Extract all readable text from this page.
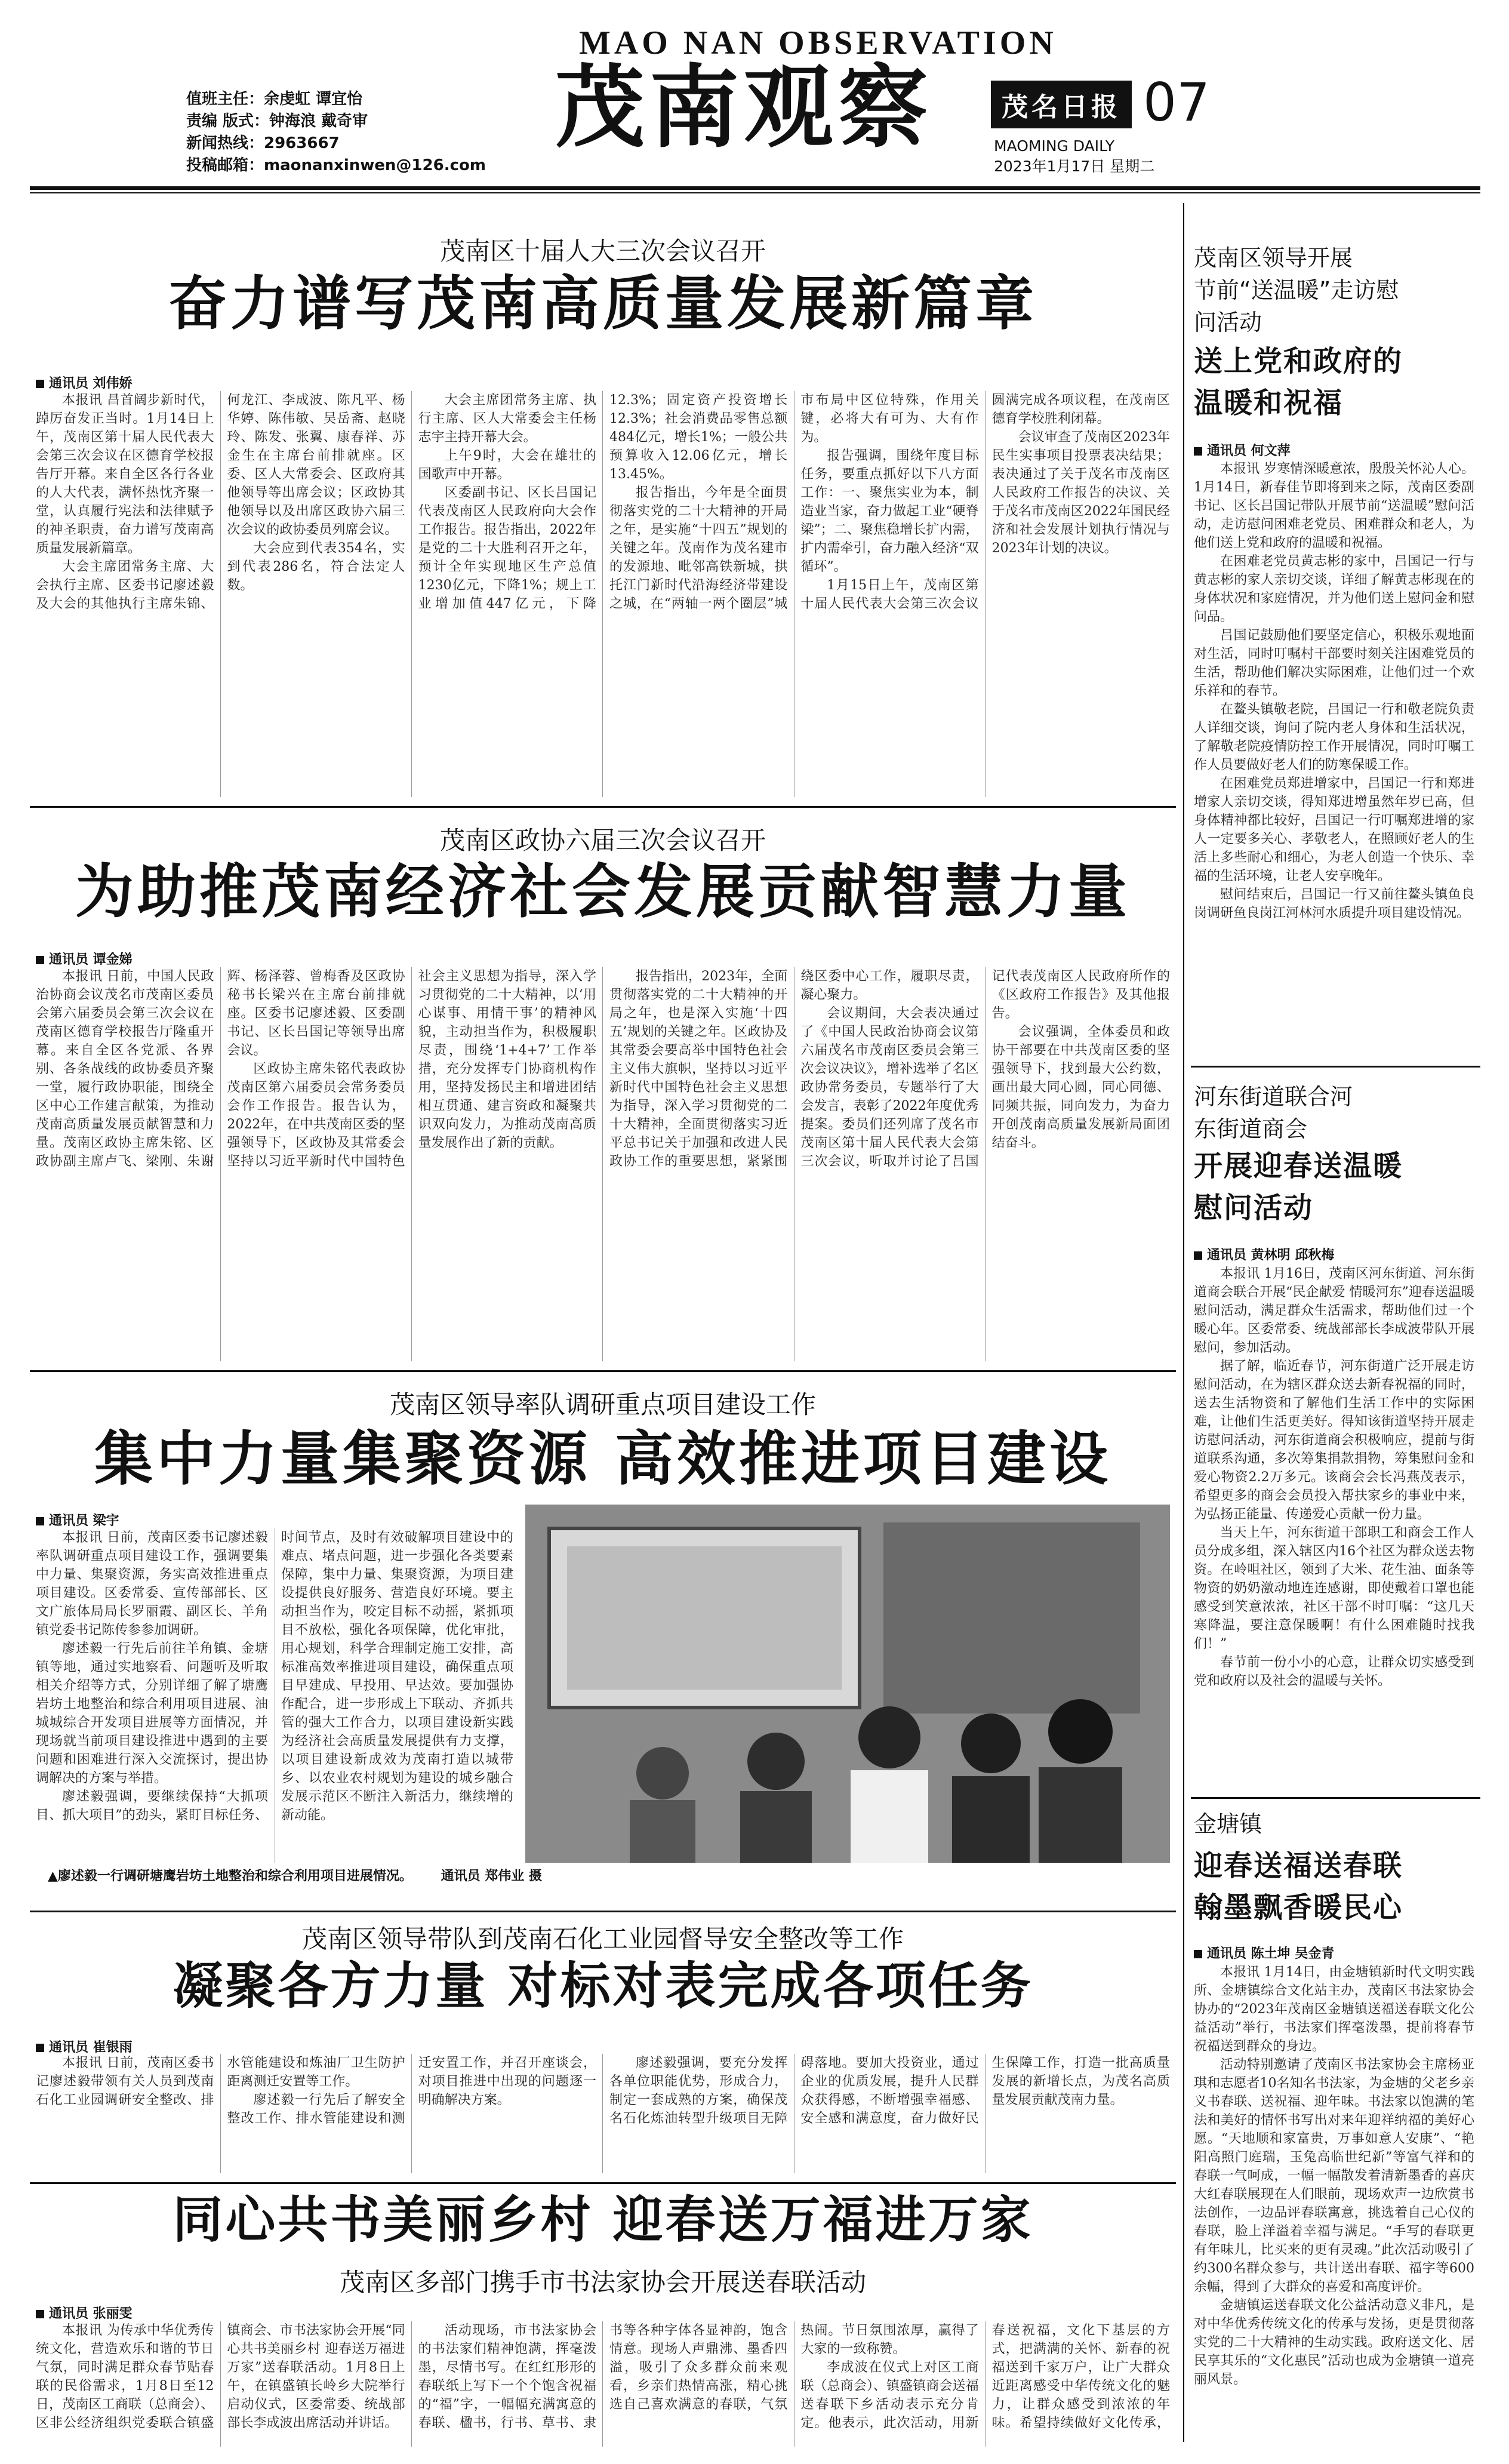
MAO NAN OBSERVATION
茂南观察
值班主任：余虔虹 谭宜怡
责编 版式：钟海浪 戴奇审
新闻热线：2963667
投稿邮箱：maonanxinwen@126.com
茂名日报 07
MAOMING DAILY
2023年1月17日 星期二
茂南区十届人大三次会议召开
奋力谱写茂南高质量发展新篇章
通讯员 刘伟娇

本报讯 昌首阔步新时代，踔厉奋发正当时。1月14日上午，茂南区第十届人民代表大会第三次会议在区德育学校报告厅开幕。来自全区各行各业的人大代表，满怀热忱齐聚一堂，认真履行宪法和法律赋予的神圣职责，奋力谱写茂南高质量发展新篇章。

大会主席团常务主席、大会执行主席、区委书记廖述毅及大会的其他执行主席朱锦、何龙江、李成波、陈凡平、杨华婷、陈伟敏、吴岳斋、赵晓玲、陈发、张翼、康春祥、苏金生在主席台前排就座。区委、区人大常委会、区政府其他领导等出席会议；区政协其他领导以及出席区政协六届三次会议的政协委员列席会议。

大会应到代表354名，实到代表286名，符合法定人数。

大会主席团常务主席、执行主席、区人大常委会主任杨志宇主持开幕大会。

上午9时，大会在雄壮的国歌声中开幕。

区委副书记、区长吕国记代表茂南区人民政府向大会作工作报告。报告指出，2022年是党的二十大胜利召开之年，预计全年实现地区生产总值1230亿元，下降1%；规上工业增加值447亿元，下降12.3%；固定资产投资增长12.3%；社会消费品零售总额484亿元，增长1%；一般公共预算收入12.06亿元，增长13.45%。

报告指出，今年是全面贯彻落实党的二十大精神的开局之年，是实施“十四五”规划的关键之年。茂南作为茂名建市的发源地、毗邻高铁新城，拱托江门新时代沿海经济带建设之城，在“两轴一两个圈层”城市布局中区位特殊，作用关键，必将大有可为、大有作为。

报告强调，围绕年度目标任务，要重点抓好以下八方面工作：一、聚焦实业为本，制造业当家，奋力做起工业“硬脊梁”；二、聚焦稳增长扩内需，扩内需牵引，奋力融入经济“双循环”。

1月15日上午，茂南区第十届人民代表大会第三次会议圆满完成各项议程，在茂南区德育学校胜利闭幕。

会议审查了茂南区2023年民生实事项目投票表决结果；表决通过了关于茂名市茂南区人民政府工作报告的决议、关于茂名市茂南区2022年国民经济和社会发展计划执行情况与2023年计划的决议。

茂南区政协六届三次会议召开
为助推茂南经济社会发展贡献智慧力量
通讯员 谭金娣

本报讯 日前，中国人民政治协商会议茂名市茂南区委员会第六届委员会第三次会议在茂南区德育学校报告厅隆重开幕。来自全区各党派、各界别、各条战线的政协委员齐聚一堂，履行政协职能，围绕全区中心工作建言献策，为推动茂南高质量发展贡献智慧和力量。茂南区政协主席朱铭、区政协副主席卢飞、梁刚、朱谢辉、杨泽蓉、曾梅香及区政协秘书长梁兴在主席台前排就座。区委书记廖述毅、区委副书记、区长吕国记等领导出席会议。

区政协主席朱铭代表政协茂南区第六届委员会常务委员会作工作报告。报告认为，2022年，在中共茂南区委的坚强领导下，区政协及其常委会坚持以习近平新时代中国特色社会主义思想为指导，深入学习贯彻党的二十大精神，以‘用心谋事、用情干事’的精神风貌，主动担当作为，积极履职尽责，围绕‘1+4+7’工作举措，充分发挥专门协商机构作用，坚持发扬民主和增进团结相互贯通、建言资政和凝聚共识双向发力，为推动茂南高质量发展作出了新的贡献。

报告指出，2023年，全面贯彻落实党的二十大精神的开局之年，也是深入实施‘十四五’规划的关键之年。区政协及其常委会要高举中国特色社会主义伟大旗帜，坚持以习近平新时代中国特色社会主义思想为指导，深入学习贯彻党的二十大精神，全面贯彻落实习近平总书记关于加强和改进人民政协工作的重要思想，紧紧围绕区委中心工作，履职尽责，凝心聚力。

会议期间，大会表决通过了《中国人民政治协商会议第六届茂名市茂南区委员会第三次会议决议》，增补选举了名区政协常务委员，专题举行了大会发言，表彰了2022年度优秀提案。委员们还列席了茂名市茂南区第十届人民代表大会第三次会议，听取并讨论了吕国记代表茂南区人民政府所作的《区政府工作报告》及其他报告。

会议强调，全体委员和政协干部要在中共茂南区委的坚强领导下，找到最大公约数，画出最大同心圆，同心同德、同频共振，同向发力，为奋力开创茂南高质量发展新局面团结奋斗。

茂南区领导率队调研重点项目建设工作
集中力量集聚资源 高效推进项目建设
通讯员 梁宇

本报讯 日前，茂南区委书记廖述毅率队调研重点项目建设工作，强调要集中力量、集聚资源，务实高效推进重点项目建设。区委常委、宣传部部长、区文广旅体局局长罗丽霞、副区长、羊角镇党委书记陈传参参加调研。

廖述毅一行先后前往羊角镇、金塘镇等地，通过实地察看、问题听及听取相关介绍等方式，分别详细了解了塘鹰岩坊土地整治和综合利用项目进展、油城城综合开发项目进展等方面情况，并现场就当前项目建设推进中遇到的主要问题和困难进行深入交流探讨，提出协调解决的方案与举措。

廖述毅强调，要继续保持“大抓项目、抓大项目”的劲头，紧盯目标任务、时间节点，及时有效破解项目建设中的难点、堵点问题，进一步强化各类要素保障，集中力量、集聚资源，为项目建设提供良好服务、营造良好环境。要主动担当作为，咬定目标不动摇，紧抓项目不放松，强化各项保障，优化审批，用心规划，科学合理制定施工安排，高标准高效率推进项目建设，确保重点项目早建成、早投用、早达效。要加强协作配合，进一步形成上下联动、齐抓共管的强大工作合力，以项目建设新实践为经济社会高质量发展提供有力支撑，以项目建设新成效为茂南打造以城带乡、以农业农村规划为建设的城乡融合发展示范区不断注入新活力，继续增的新动能。

▲廖述毅一行调研塘鹰岩坊土地整治和综合利用项目进展情况。 通讯员 郑伟业 摄
茂南区领导带队到茂南石化工业园督导安全整改等工作
凝聚各方力量 对标对表完成各项任务
通讯员 崔银雨

本报讯 日前，茂南区委书记廖述毅带领有关人员到茂南石化工业园调研安全整改、排水管能建设和炼油厂卫生防护距离测迁安置等工作。

廖述毅一行先后了解安全整改工作、排水管能建设和测迁安置工作，并召开座谈会，对项目推进中出现的问题逐一明确解决方案。

廖述毅强调，要充分发挥各单位职能优势，形成合力，制定一套成熟的方案，确保茂名石化炼油转型升级项目无障碍落地。要加大投资业，通过企业的优质发展，提升人民群众获得感，不断增强幸福感、安全感和满意度，奋力做好民生保障工作，打造一批高质量发展的新增长点，为茂名高质量发展贡献茂南力量。

同心共书美丽乡村 迎春送万福进万家
茂南区多部门携手市书法家协会开展送春联活动
通讯员 张丽雯

本报讯 为传承中华优秀传统文化，营造欢乐和谐的节日气氛，同时满足群众春节贴春联的民俗需求，1月8日至12日，茂南区工商联（总商会）、区非公经济组织党委联合镇盛镇商会、市书法家协会开展“同心共书美丽乡村 迎春送万福进万家”送春联活动。1月8日上午，在镇盛镇长岭乡大院举行启动仪式，区委常委、统战部部长李成波出席活动并讲话。

活动现场，市书法家协会的书法家们精神饱满，挥毫泼墨，尽情书写。在红红形形的春联纸上写下一个个饱含祝福的“福”字，一幅幅充满寓意的春联、楹书，行书、草书、隶书等各种字体各显神韵，饱含情意。现场人声鼎沸、墨香四溢，吸引了众多群众前来观看，乡亲们热情高涨，精心挑选自己喜欢满意的春联，气氛热闹。节日氛围浓厚，赢得了大家的一致称赞。

李成波在仪式上对区工商联（总商会）、镇盛镇商会送福送春联下乡活动表示充分肯定。他表示，此次活动，用新春送祝福，文化下基层的方式，把满满的关怀、新春的祝福送到千家万户，让广大群众近距离感受中华传统文化的魅力，让群众感受到浓浓的年味。希望持续做好文化传承，

茂南区领导开展
节前“送温暖”走访慰
问活动
送上党和政府的
温暖和祝福
通讯员 何文萍

本报讯 岁寒情深暖意浓，殷殷关怀沁人心。1月14日，新春佳节即将到来之际，茂南区委副书记、区长吕国记带队开展节前“送温暖”慰问活动，走访慰问困难老党员、困难群众和老人，为他们送上党和政府的温暖和祝福。

在困难老党员黄志彬的家中，吕国记一行与黄志彬的家人亲切交谈，详细了解黄志彬现在的身体状况和家庭情况，并为他们送上慰问金和慰问品。

吕国记鼓励他们要坚定信心，积极乐观地面对生活，同时叮嘱村干部要时刻关注困难党员的生活，帮助他们解决实际困难，让他们过一个欢乐祥和的春节。

在鳌头镇敬老院，吕国记一行和敬老院负责人详细交谈，询问了院内老人身体和生活状况，了解敬老院疫情防控工作开展情况，同时叮嘱工作人员要做好老人们的防寒保暖工作。

在困难党员郑进增家中，吕国记一行和郑进增家人亲切交谈，得知郑进增虽然年岁已高，但身体精神都比较好，吕国记一行叮嘱郑进增的家人一定要多关心、孝敬老人，在照顾好老人的生活上多些耐心和细心，为老人创造一个快乐、幸福的生活环境，让老人安享晚年。

慰问结束后，吕国记一行又前往鳌头镇鱼良岗调研鱼良岗江河林河水质提升项目建设情况。

河东街道联合河
东街道商会
开展迎春送温暖
慰问活动
通讯员 黄林明 邱秋梅

本报讯 1月16日，茂南区河东街道、河东街道商会联合开展“民企献爱 情暖河东”迎春送温暖慰问活动，满足群众生活需求，帮助他们过一个暖心年。区委常委、统战部部长李成波带队开展慰问，参加活动。

据了解，临近春节，河东街道广泛开展走访慰问活动，在为辖区群众送去新春祝福的同时，送去生活物资和了解他们生活工作中的实际困难，让他们生活更美好。得知该街道坚持开展走访慰问活动，河东街道商会积极响应，提前与街道联系沟通，多次筹集捐款捐物，筹集慰问金和爱心物资2.2万多元。该商会会长冯燕茂表示，希望更多的商会会员投入帮扶家乡的事业中来，为弘扬正能量、传递爱心贡献一份力量。

当天上午，河东街道干部职工和商会工作人员分成多组，深入辖区内16个社区为群众送去物资。在岭咀社区，领到了大米、花生油、面条等物资的奶奶激动地连连感谢，即使戴着口罩也能感受到笑意浓浓，社区干部不时叮嘱：“这几天寒降温，要注意保暖啊！有什么困难随时找我们！”

春节前一份小小的心意，让群众切实感受到党和政府以及社会的温暖与关怀。

金塘镇
迎春送福送春联
翰墨飘香暖民心
通讯员 陈土坤 吴金青

本报讯 1月14日，由金塘镇新时代文明实践所、金塘镇综合文化站主办，茂南区书法家协会协办的“2023年茂南区金塘镇送福送春联文化公益活动”举行，书法家们挥毫泼墨，提前将春节祝福送到群众的身边。

活动特别邀请了茂南区书法家协会主席杨亚琪和志愿者10名知名书法家，为金塘的父老乡亲义书春联、送祝福、迎年味。书法家以饱满的笔法和美好的情怀书写出对来年迎祥纳福的美好心愿。“天地顺和家富贵，万事如意人安康”、“艳阳高照门庭瑞，玉兔高临世纪新”等富气祥和的春联一气呵成，一幅一幅散发着清新墨香的喜庆大红春联展现在人们眼前，现场欢声一边欣赏书法创作，一边品评春联寓意，挑选着自己心仪的春联，脸上洋溢着幸福与满足。“手写的春联更有年味儿，比买来的更有灵魂。”此次活动吸引了约300名群众参与，共计送出春联、福字等600余幅，得到了大群众的喜爱和高度评价。

金塘镇运送春联文化公益活动意义非凡，是对中华优秀传统文化的传承与发扬，更是贯彻落实党的二十大精神的生动实践。政府送文化、居民享其乐的“文化惠民”活动也成为金塘镇一道亮丽风景。
